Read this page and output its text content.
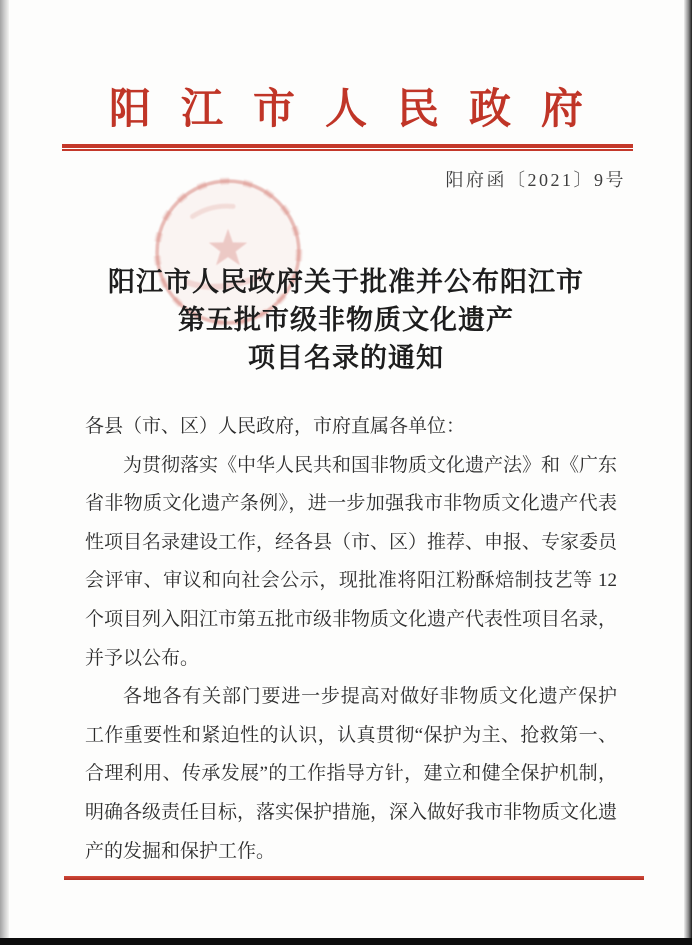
阳江市人民政府
阳府函〔2021〕9号
阳江市人民政府关于批准并公布阳江市
第五批市级非物质文化遗产
项目名录的通知
各县（市、区）人民政府，市府直属各单位：
为贯彻落实《中华人民共和国非物质文化遗产法》和《广东
省非物质文化遗产条例》，进一步加强我市非物质文化遗产代表
性项目名录建设工作，经各县（市、区）推荐、申报、专家委员
会评审、审议和向社会公示，现批准将阳江粉酥焙制技艺等 12
个项目列入阳江市第五批市级非物质文化遗产代表性项目名录，
并予以公布。
各地各有关部门要进一步提高对做好非物质文化遗产保护
工作重要性和紧迫性的认识，认真贯彻“保护为主、抢救第一、
合理利用、传承发展”的工作指导方针，建立和健全保护机制，
明确各级责任目标，落实保护措施，深入做好我市非物质文化遗
产的发掘和保护工作。
